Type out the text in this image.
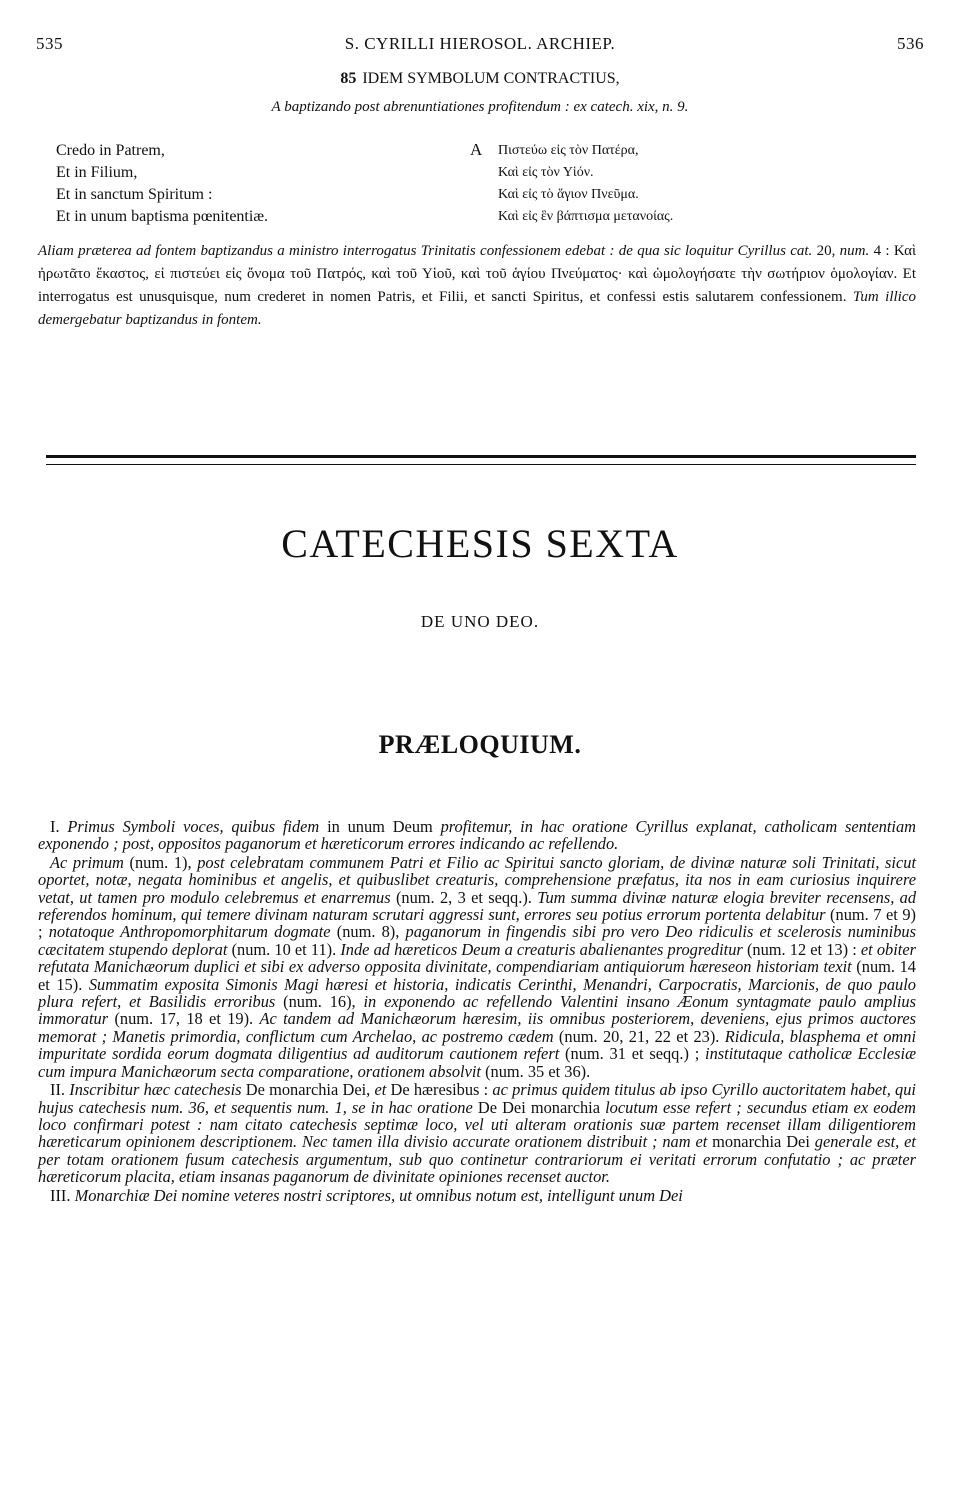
535	S. CYRILLI HIEROSOL. ARCHIEP.	536
85 IDEM SYMBOLUM CONTRACTIUS,
A baptizando post abrenuntiationes profitendum : ex catech. xix, n. 9.
Credo in Patrem,
Et in Filium,
Et in sanctum Spiritum :
Et in unum baptisma pœnitentiæ.
A Πιστεύω εἰς τὸν Πατέρα,
Καὶ εἰς τὸν Υἱόν.
Καὶ εἰς τὸ ἅγιον Πνεῦμα.
Καὶ εἰς ἓν βάπτισμα μετανοίας.
Aliam præterea ad fontem baptizandus a ministro interrogatus Trinitatis confessionem edebat : de qua sic loquitur Cyrillus cat. 20, num. 4 : Καὶ ἠρωτᾶτο ἕκαστος, εἰ πιστεύει εἰς ὄνομα τοῦ Πατρός, καὶ τοῦ Υἱοῦ, καὶ τοῦ ἁγίου Πνεύματος· καὶ ὡμολογήσατε τὴν σωτήριον ὁμολογίαν. Et interrogatus est unusquisque, num crederet in nomen Patris, et Filii, et sancti Spiritus, et confessi estis salutarem confessionem. Tum illico demergebatur baptizandus in fontem.
CATECHESIS SEXTA
DE UNO DEO.
PRÆLOQUIUM.

I. Primus Symboli voces, quibus fidem in unum Deum profitemur, in hac oratione Cyrillus explanat, catholicam sententiam exponendo ; post, oppositos paganorum et hæreticorum errores indicando ac refellendo.

Ac primum (num. 1), post celebratam communem Patri et Filio ac Spiritui sancto gloriam, de divinæ naturæ soli Trinitati, sicut oportet, notæ, negata hominibus et angelis, et quibuslibet creaturis, comprehensione præfatus, ita nos in eam curiosius inquirere vetat, ut tamen pro modulo celebremus et enarremus (num. 2, 3 et seqq.). Tum summa divinæ naturæ elogia breviter recensens, ad referendos hominum, qui temere divinam naturam scrutari aggressi sunt, errores seu potius errorum portenta delabitur (num. 7 et 9) ; notatoque Anthropomorphitarum dogmate (num. 8), paganorum in fingendis sibi pro vero Deo ridiculis et scelerosis numinibus cæcitatem stupendo deplorat (num. 10 et 11). Inde ad hæreticos Deum a creaturis abalienantes progreditur (num. 12 et 13) : et obiter refutata Manichæorum duplici et sibi ex adverso opposita divinitate, compendiariam antiquiorum hæreseon historiam texit (num. 14 et 15). Summatim exposita Simonis Magi hæresi et historia, indicatis Cerinthi, Menandri, Carpocratis, Marcionis, de quo paulo plura refert, et Basilidis erroribus (num. 16), in exponendo ac refellendo Valentini insano Æonum syntagmate paulo amplius immoratur (num. 17, 18 et 19). Ac tandem ad Manichæorum hæresim, iis omnibus posteriorem, deveniens, ejus primos auctores memorat ; Manetis primordia, conflictum cum Archelao, ac postremo cædem (num. 20, 21, 22 et 23). Ridicula, blasphema et omni impuritate sordida eorum dogmata diligentius ad auditorum cautionem refert (num. 31 et seqq.) ; institutaque catholicæ Ecclesiæ cum impura Manichæorum secta comparatione, orationem absolvit (num. 35 et 36).

II. Inscribitur hæc catechesis De monarchia Dei, et De hæresibus : ac primus quidem titulus ab ipso Cyrillo auctoritatem habet, qui hujus catechesis num. 36, et sequentis num. 1, se in hac oratione De Dei monarchia locutum esse refert ; secundus etiam ex eodem loco confirmari potest : nam citato catechesis septimæ loco, vel uti alteram orationis suæ partem recenset illam diligentiorem hæreticarum opinionem descriptionem. Nec tamen illa divisio accurate orationem distribuit ; nam et monarchia Dei generale est, et per totam orationem fusum catechesis argumentum, sub quo continetur contrariorum ei veritati errorum confutatio ; ac præter hæreticorum placita, etiam insanas paganorum de divinitate opiniones recenset auctor.

III. Monarchiæ Dei nomine veteres nostri scriptores, ut omnibus notum est, intelligunt unum Dei
